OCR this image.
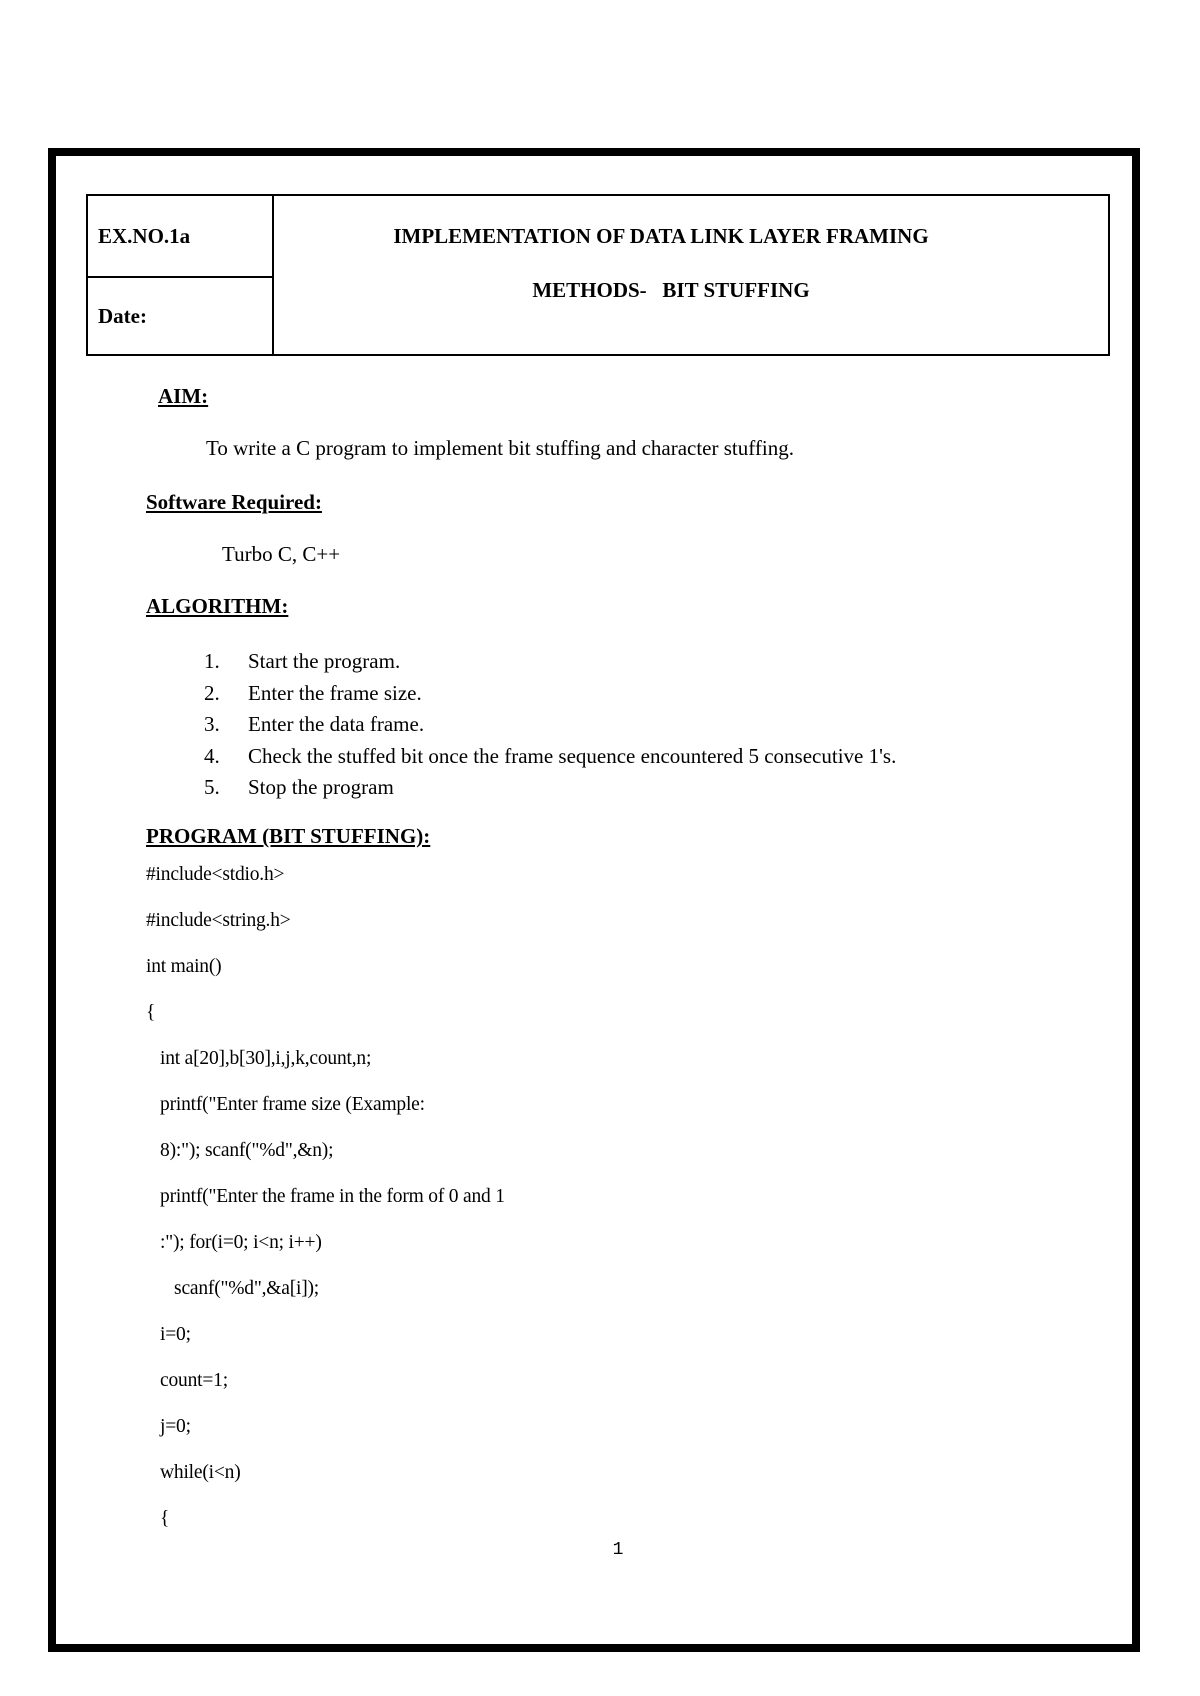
EX.NO.1a
Date:
IMPLEMENTATION OF DATA LINK LAYER FRAMING
METHODS-   BIT STUFFING
AIM:
To write a C program to implement bit stuffing and character stuffing.
Software Required:
Turbo C, C++
ALGORITHM:
1.	Start the program.
2.	Enter the frame size.
3.	Enter the data frame.
4.	Check the stuffed bit once the frame sequence encountered 5 consecutive 1's.
5.	Stop the program
PROGRAM (BIT STUFFING):
#include<stdio.h>
#include<string.h>
int main()
{
int a[20],b[30],i,j,k,count,n;
printf("Enter frame size (Example:
8):"); scanf("%d",&n);
printf("Enter the frame in the form of 0 and 1
:"); for(i=0; i<n; i++)
scanf("%d",&a[i]);
i=0;
count=1;
j=0;
while(i<n)
{
1
